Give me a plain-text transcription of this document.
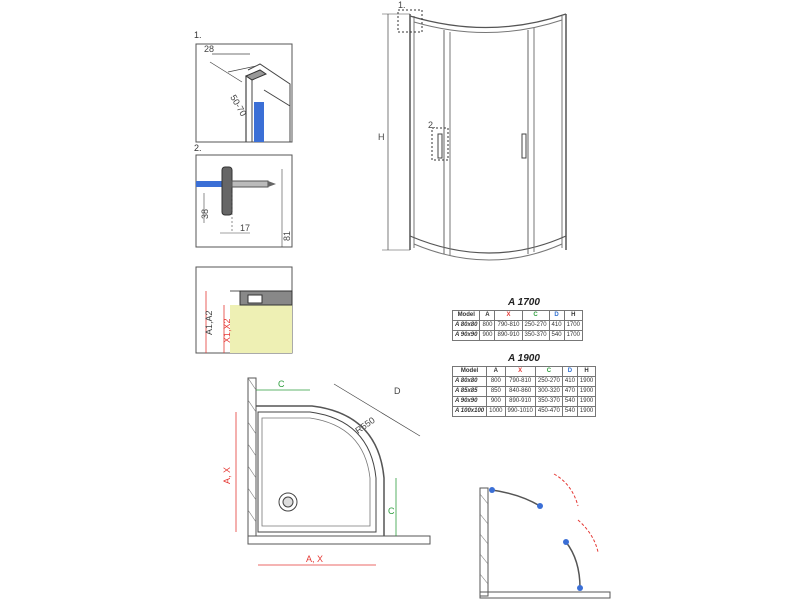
1.
28
50-70
2.
38
17
81
A1,A2 X1,X2
H
1.
2.
A 1700
Model	A	X	C	D	H
A 80x80	800	790-810	250-270	410	1700
A 90x90	900	890-910	350-370	540	1700
A 1900
Model	A	X	C	D	H
A 80x80	800	790-810	250-270	410	1900
A 85x85	850	840-860	300-320	470	1900
A 90x90	900	890-910	350-370	540	1900
A 100x100	1000	990-1010	450-470	540	1900
C
D
R550
A, X
A, X
C
